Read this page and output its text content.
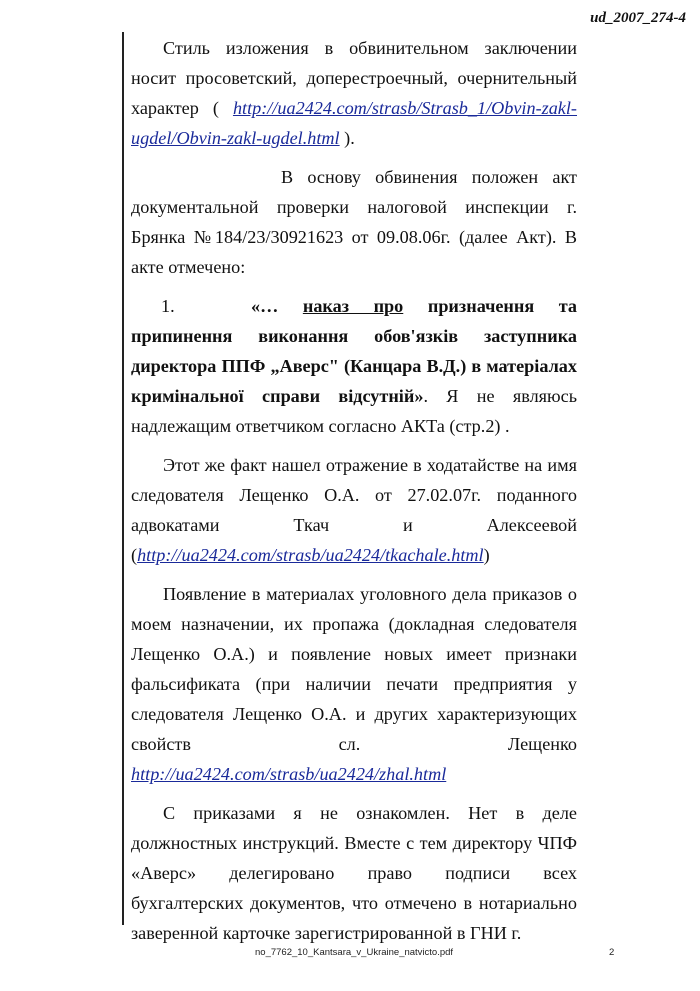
ud_2007_274-4

Стиль изложения в обвинительном заключении носит просоветский, доперестроечный, очернительный характер ( http://ua2424.com/strasb/Strasb_1/Obvin-zakl-ugdel/Obvin-zakl-ugdel.html ).

В основу обвинения положен акт документальной проверки налоговой инспекции г. Брянка №184/23/30921623 от 09.08.06г. (далее Акт). В акте отмечено:

1.	«… наказ про призначення та припинення виконання обов'язків заступника директора ППФ „Аверс" (Канцара В.Д.) в матеріалах кримінальної справи відсутній». Я не являюсь надлежащим ответчиком согласно АКТа (стр.2) .

Этот же факт нашел отражение в ходатайстве на имя следователя Лещенко О.А. от 27.02.07г. поданного адвокатами Ткач и Алексеевой (http://ua2424.com/strasb/ua2424/tkachale.html)

Появление в материалах уголовного дела приказов о моем назначении, их пропажа (докладная следователя Лещенко О.А.) и появление новых имеет признаки фальсификата (при наличии печати предприятия у следователя Лещенко О.А. и других характеризующих свойств сл. Лещенко http://ua2424.com/strasb/ua2424/zhal.html

С приказами я не ознакомлен. Нет в деле должностных инструкций. Вместе с тем директору ЧПФ «Аверс» делегировано право подписи всех бухгалтерских документов, что отмечено в нотариально заверенной карточке зарегистрированной в ГНИ г.

no_7762_10_Kantsara_v_Ukraine_natvicto.pdf	2
